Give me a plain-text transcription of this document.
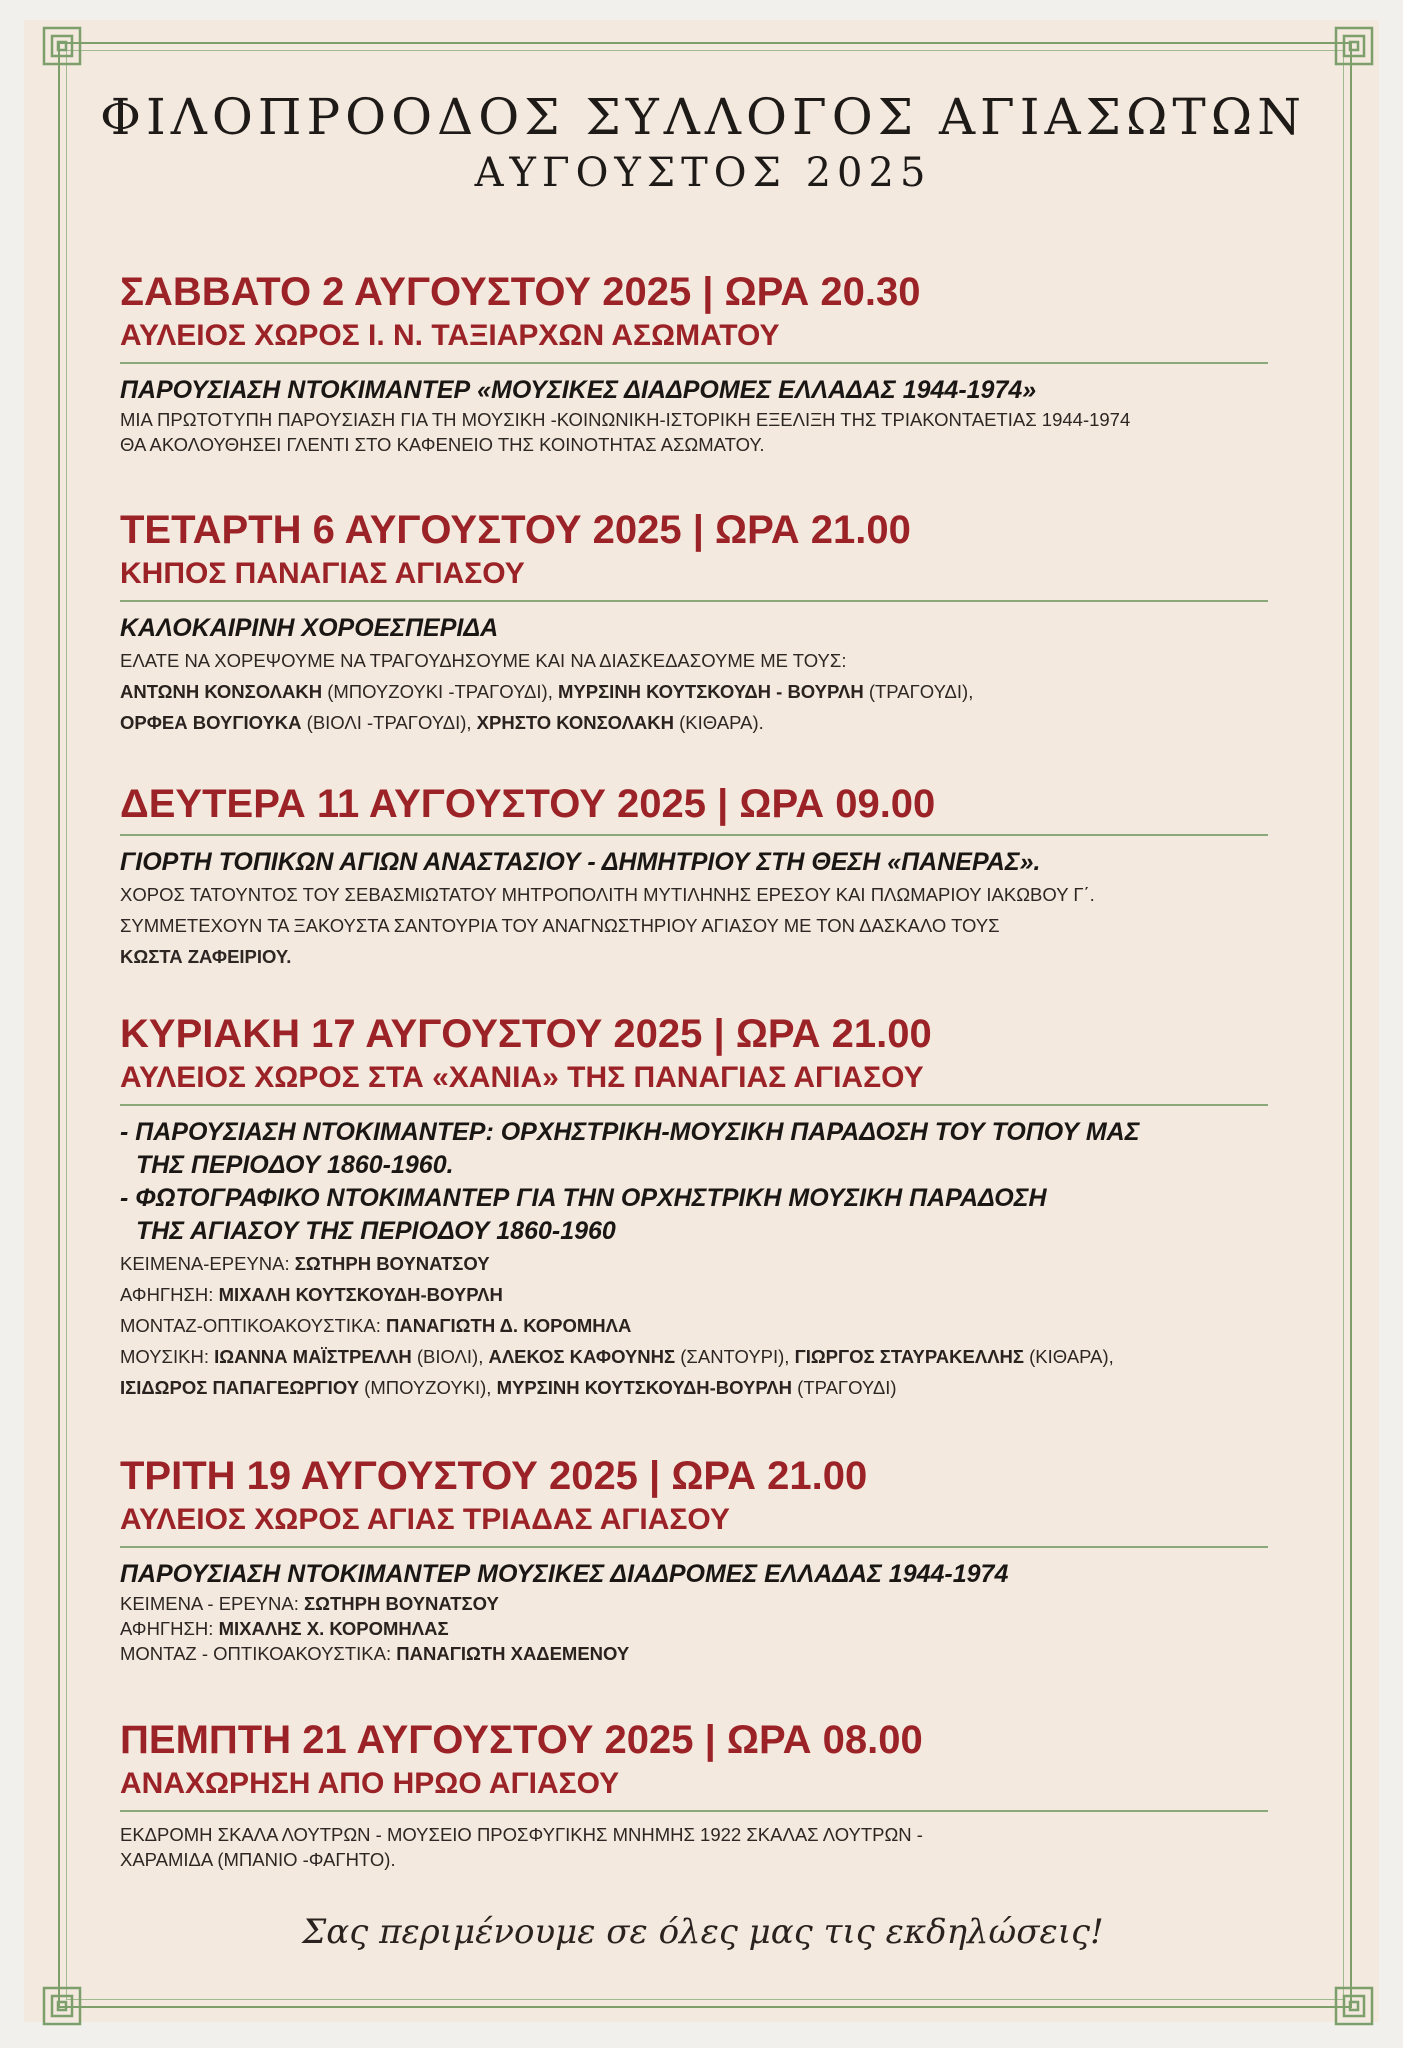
ΦΙΛΟΠΡΟΟΔΟΣ ΣΥΛΛΟΓΟΣ ΑΓΙΑΣΩΤΩΝ
ΑΥΓΟΥΣΤΟΣ 2025
ΣΑΒΒΑΤΟ 2 ΑΥΓΟΥΣΤΟΥ 2025 | ΩΡΑ 20.30
ΑΥΛΕΙΟΣ ΧΩΡΟΣ Ι. Ν. ΤΑΞΙΑΡΧΩΝ ΑΣΩΜΑΤΟΥ
ΠΑΡΟΥΣΙΑΣΗ ΝΤΟΚΙΜΑΝΤΕΡ «ΜΟΥΣΙΚΕΣ ΔΙΑΔΡΟΜΕΣ ΕΛΛΑΔΑΣ 1944-1974»
ΜΙΑ ΠΡΩΤΟΤΥΠΗ ΠΑΡΟΥΣΙΑΣΗ ΓΙΑ ΤΗ ΜΟΥΣΙΚΗ -ΚΟΙΝΩΝΙΚΗ-ΙΣΤΟΡΙΚΗ ΕΞΕΛΙΞΗ ΤΗΣ ΤΡΙΑΚΟΝΤΑΕΤΙΑΣ 1944-1974
ΘΑ ΑΚΟΛΟΥΘΗΣΕΙ ΓΛΕΝΤΙ ΣΤΟ ΚΑΦΕΝΕΙΟ ΤΗΣ ΚΟΙΝΟΤΗΤΑΣ ΑΣΩΜΑΤΟΥ.
ΤΕΤΑΡΤΗ 6 ΑΥΓΟΥΣΤΟΥ 2025 | ΩΡΑ 21.00
ΚΗΠΟΣ ΠΑΝΑΓΙΑΣ ΑΓΙΑΣΟΥ
ΚΑΛΟΚΑΙΡΙΝΗ ΧΟΡΟΕΣΠΕΡΙΔΑ
ΕΛΑΤΕ ΝΑ ΧΟΡΕΨΟΥΜΕ ΝΑ ΤΡΑΓΟΥΔΗΣΟΥΜΕ ΚΑΙ ΝΑ ΔΙΑΣΚΕΔΑΣΟΥΜΕ ΜΕ ΤΟΥΣ:
ΑΝΤΩΝΗ ΚΟΝΣΟΛΑΚΗ (ΜΠΟΥΖΟΥΚΙ -ΤΡΑΓΟΥΔΙ), ΜΥΡΣΙΝΗ ΚΟΥΤΣΚΟΥΔΗ - ΒΟΥΡΛΗ (ΤΡΑΓΟΥΔΙ),
ΟΡΦΕΑ ΒΟΥΓΙΟΥΚΑ (ΒΙΟΛΙ -ΤΡΑΓΟΥΔΙ), ΧΡΗΣΤΟ ΚΟΝΣΟΛΑΚΗ (ΚΙΘΑΡΑ).
ΔΕΥΤΕΡΑ 11 ΑΥΓΟΥΣΤΟΥ 2025 | ΩΡΑ 09.00
ΓΙΟΡΤΗ ΤΟΠΙΚΩΝ ΑΓΙΩΝ ΑΝΑΣΤΑΣΙΟΥ - ΔΗΜΗΤΡΙΟΥ ΣΤΗ ΘΕΣΗ «ΠΑΝΕΡΑΣ».
ΧΟΡΟΣ ΤΑΤΟΥΝΤΟΣ ΤΟΥ ΣΕΒΑΣΜΙΩΤΑΤΟΥ ΜΗΤΡΟΠΟΛΙΤΗ ΜΥΤΙΛΗΝΗΣ ΕΡΕΣΟΥ ΚΑΙ ΠΛΩΜΑΡΙΟΥ ΙΑΚΩΒΟΥ Γ΄.
ΣΥΜΜΕΤΕΧΟΥΝ ΤΑ ΞΑΚΟΥΣΤΑ ΣΑΝΤΟΥΡΙΑ ΤΟΥ ΑΝΑΓΝΩΣΤΗΡΙΟΥ ΑΓΙΑΣΟΥ ΜΕ ΤΟΝ ΔΑΣΚΑΛΟ ΤΟΥΣ
ΚΩΣΤΑ ΖΑΦΕΙΡΙΟΥ.
ΚΥΡΙΑΚΗ 17 ΑΥΓΟΥΣΤΟΥ 2025 | ΩΡΑ 21.00
ΑΥΛΕΙΟΣ ΧΩΡΟΣ ΣΤΑ «ΧΑΝΙΑ» ΤΗΣ ΠΑΝΑΓΙΑΣ ΑΓΙΑΣΟΥ
- ΠΑΡΟΥΣΙΑΣΗ ΝΤΟΚΙΜΑΝΤΕΡ: ΟΡΧΗΣΤΡΙΚΗ-ΜΟΥΣΙΚΗ ΠΑΡΑΔΟΣΗ ΤΟΥ ΤΟΠΟΥ ΜΑΣ
ΤΗΣ ΠΕΡΙΟΔΟΥ 1860-1960.
- ΦΩΤΟΓΡΑΦΙΚΟ ΝΤΟΚΙΜΑΝΤΕΡ ΓΙΑ ΤΗΝ ΟΡΧΗΣΤΡΙΚΗ ΜΟΥΣΙΚΗ ΠΑΡΑΔΟΣΗ
ΤΗΣ ΑΓΙΑΣΟΥ ΤΗΣ ΠΕΡΙΟΔΟΥ 1860-1960
ΚΕΙΜΕΝΑ-ΕΡΕΥΝΑ: ΣΩΤΗΡΗ ΒΟΥΝΑΤΣΟΥ
ΑΦΗΓΗΣΗ: ΜΙΧΑΛΗ ΚΟΥΤΣΚΟΥΔΗ-ΒΟΥΡΛΗ
ΜΟΝΤΑΖ-ΟΠΤΙΚΟΑΚΟΥΣΤΙΚΑ: ΠΑΝΑΓΙΩΤΗ Δ. ΚΟΡΟΜΗΛΑ
ΜΟΥΣΙΚΗ: ΙΩΑΝΝΑ ΜΑΪΣΤΡΕΛΛΗ (ΒΙΟΛΙ), ΑΛΕΚΟΣ ΚΑΦΟΥΝΗΣ (ΣΑΝΤΟΥΡΙ), ΓΙΩΡΓΟΣ ΣΤΑΥΡΑΚΕΛΛΗΣ (ΚΙΘΑΡΑ),
ΙΣΙΔΩΡΟΣ ΠΑΠΑΓΕΩΡΓΙΟΥ (ΜΠΟΥΖΟΥΚΙ), ΜΥΡΣΙΝΗ ΚΟΥΤΣΚΟΥΔΗ-ΒΟΥΡΛΗ (ΤΡΑΓΟΥΔΙ)
ΤΡΙΤΗ 19 ΑΥΓΟΥΣΤΟΥ 2025 | ΩΡΑ 21.00
ΑΥΛΕΙΟΣ ΧΩΡΟΣ ΑΓΙΑΣ ΤΡΙΑΔΑΣ ΑΓΙΑΣΟΥ
ΠΑΡΟΥΣΙΑΣΗ ΝΤΟΚΙΜΑΝΤΕΡ ΜΟΥΣΙΚΕΣ ΔΙΑΔΡΟΜΕΣ ΕΛΛΑΔΑΣ 1944-1974
ΚΕΙΜΕΝΑ - ΕΡΕΥΝΑ: ΣΩΤΗΡΗ ΒΟΥΝΑΤΣΟΥ
ΑΦΗΓΗΣΗ: ΜΙΧΑΛΗΣ Χ. ΚΟΡΟΜΗΛΑΣ
ΜΟΝΤΑΖ - ΟΠΤΙΚΟΑΚΟΥΣΤΙΚΑ: ΠΑΝΑΓΙΩΤΗ ΧΑΔΕΜΕΝΟΥ
ΠΕΜΠΤΗ 21 ΑΥΓΟΥΣΤΟΥ 2025 | ΩΡΑ 08.00
ΑΝΑΧΩΡΗΣΗ ΑΠΟ ΗΡΩΟ ΑΓΙΑΣΟΥ
ΕΚΔΡΟΜΗ ΣΚΑΛΑ ΛΟΥΤΡΩΝ - ΜΟΥΣΕΙΟ ΠΡΟΣΦΥΓΙΚΗΣ ΜΝΗΜΗΣ 1922 ΣΚΑΛΑΣ ΛΟΥΤΡΩΝ -
ΧΑΡΑΜΙΔΑ (ΜΠΑΝΙΟ -ΦΑΓΗΤΟ).
Σας περιμένουμε σε όλες μας τις εκδηλώσεις!
